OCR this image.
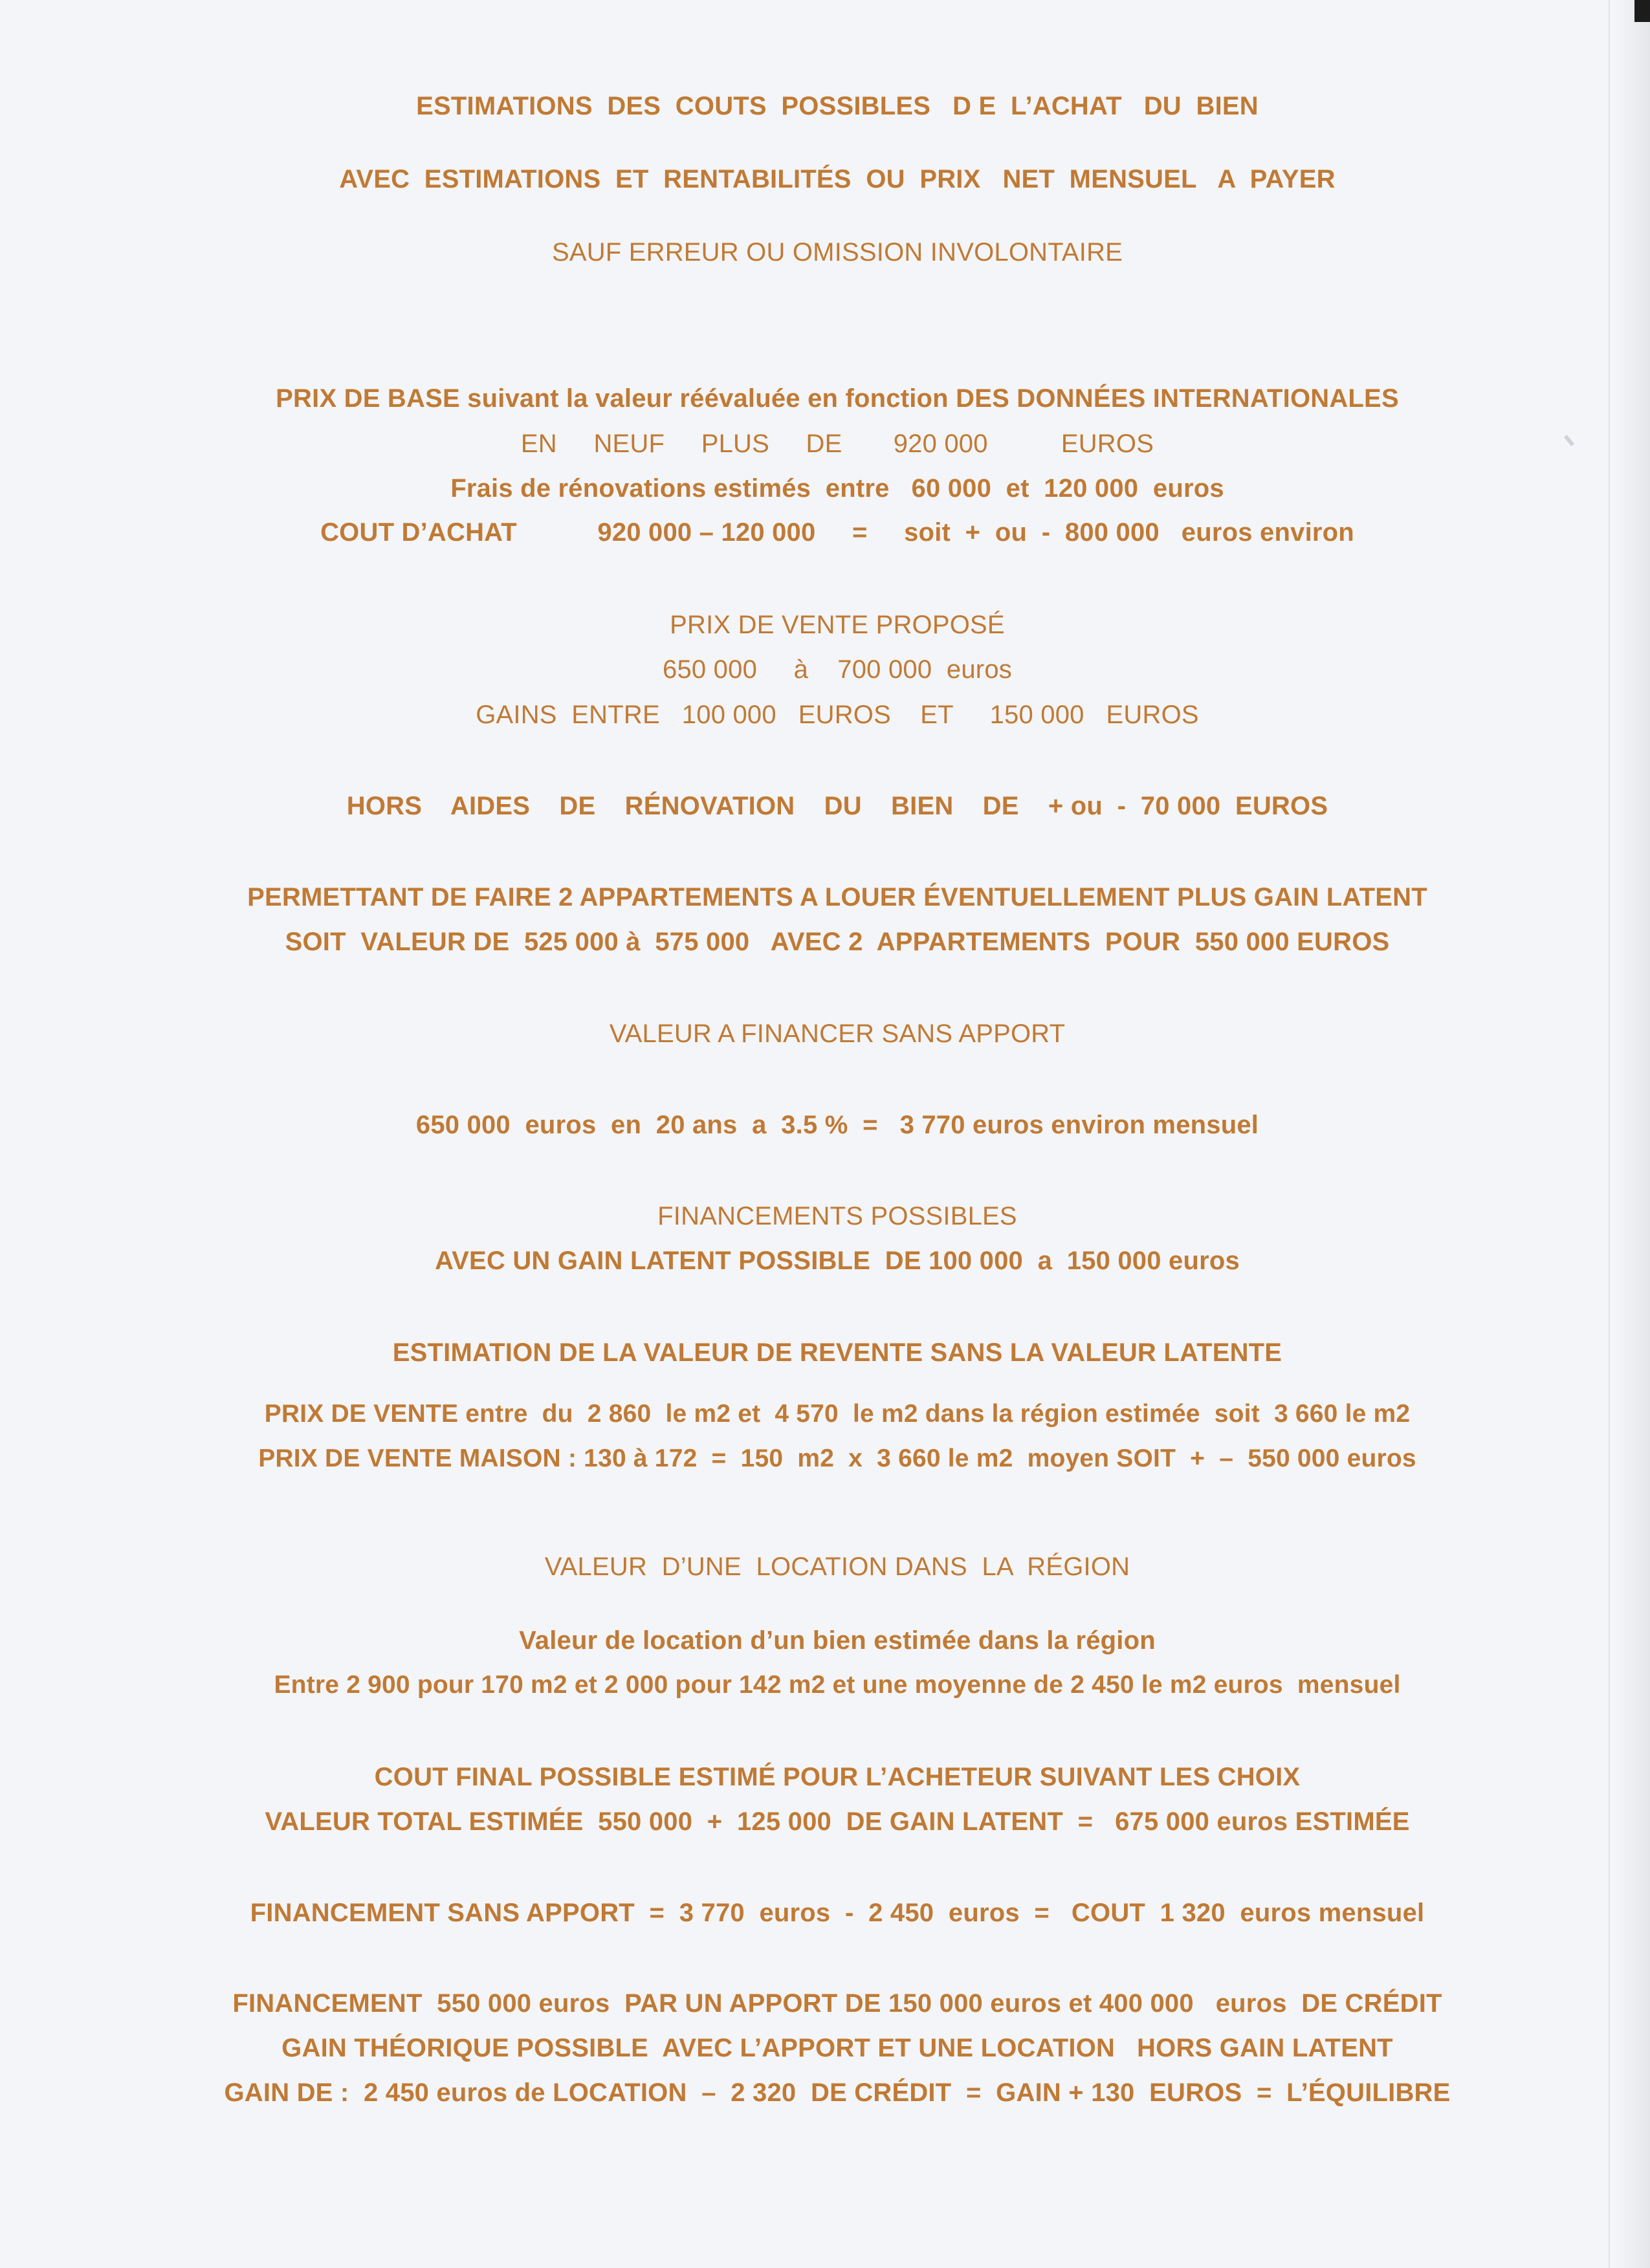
ESTIMATIONS  DES  COUTS  POSSIBLES   D E  L’ACHAT   DU  BIEN
AVEC  ESTIMATIONS  ET  RENTABILITÉS  OU  PRIX   NET  MENSUEL   A  PAYER
SAUF ERREUR OU OMISSION INVOLONTAIRE
PRIX DE BASE suivant la valeur réévaluée en fonction DES DONNÉES INTERNATIONALES
EN     NEUF     PLUS     DE       920 000          EUROS
Frais de rénovations estimés  entre   60 000  et  120 000  euros
COUT D’ACHAT           920 000 – 120 000     =     soit  +  ou  -  800 000   euros environ
PRIX DE VENTE PROPOSÉ
650 000     à    700 000  euros
GAINS  ENTRE   100 000   EUROS    ET     150 000   EUROS
HORS    AIDES    DE    RÉNOVATION    DU    BIEN    DE    + ou  -  70 000  EUROS
PERMETTANT DE FAIRE 2 APPARTEMENTS A LOUER ÉVENTUELLEMENT PLUS GAIN LATENT
SOIT  VALEUR DE  525 000 à  575 000   AVEC 2  APPARTEMENTS  POUR  550 000 EUROS
VALEUR A FINANCER SANS APPORT
650 000  euros  en  20 ans  a  3.5 %  =   3 770 euros environ mensuel
FINANCEMENTS POSSIBLES
AVEC UN GAIN LATENT POSSIBLE  DE 100 000  a  150 000 euros
ESTIMATION DE LA VALEUR DE REVENTE SANS LA VALEUR LATENTE
PRIX DE VENTE entre  du  2 860  le m2 et  4 570  le m2 dans la région estimée  soit  3 660 le m2
PRIX DE VENTE MAISON : 130 à 172  =  150  m2  x  3 660 le m2  moyen SOIT  +  –  550 000 euros
VALEUR  D’UNE  LOCATION DANS  LA  RÉGION
Valeur de location d’un bien estimée dans la région
Entre 2 900 pour 170 m2 et 2 000 pour 142 m2 et une moyenne de 2 450 le m2 euros  mensuel
COUT FINAL POSSIBLE ESTIMÉ POUR L’ACHETEUR SUIVANT LES CHOIX
VALEUR TOTAL ESTIMÉE  550 000  +  125 000  DE GAIN LATENT  =   675 000 euros ESTIMÉE
FINANCEMENT SANS APPORT  =  3 770  euros  -  2 450  euros  =   COUT  1 320  euros mensuel
FINANCEMENT  550 000 euros  PAR UN APPORT DE 150 000 euros et 400 000   euros  DE CRÉDIT
GAIN THÉORIQUE POSSIBLE  AVEC L’APPORT ET UNE LOCATION   HORS GAIN LATENT
GAIN DE :  2 450 euros de LOCATION  –  2 320  DE CRÉDIT  =  GAIN + 130  EUROS  =  L’ÉQUILIBRE
